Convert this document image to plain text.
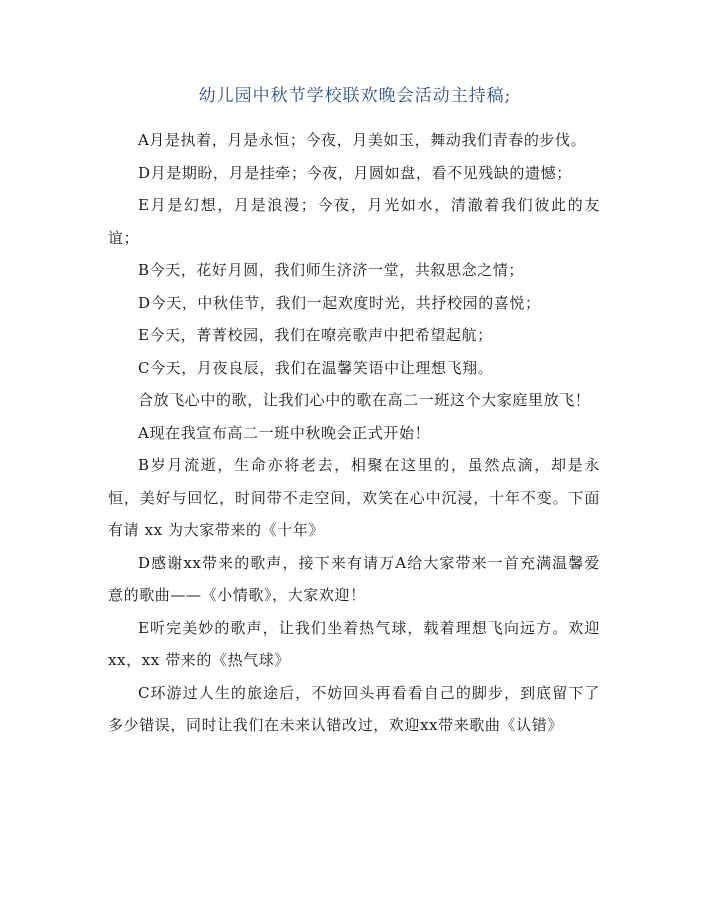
幼儿园中秋节学校联欢晚会活动主持稿;

A月是执着，月是永恒；今夜，月美如玉，舞动我们青春的步伐。

D月是期盼，月是挂牵；今夜，月圆如盘，看不见残缺的遗憾；

E月是幻想，月是浪漫；今夜，月光如水，清澈着我们彼此的友谊；

B今天，花好月圆，我们师生济济一堂，共叙思念之情；

D今天，中秋佳节，我们一起欢度时光，共抒校园的喜悦；

E今天，菁菁校园，我们在嘹亮歌声中把希望起航；

C今天，月夜良辰，我们在温馨笑语中让理想飞翔。

合放飞心中的歌，让我们心中的歌在高二一班这个大家庭里放飞！

A现在我宣布高二一班中秋晚会正式开始！

B岁月流逝，生命亦将老去，相聚在这里的，虽然点滴，却是永恒，美好与回忆，时间带不走空间，欢笑在心中沉浸，十年不变。下面有请 xx 为大家带来的《十年》

D感谢xx带来的歌声，接下来有请万A给大家带来一首充满温馨爱意的歌曲——《小情歌》，大家欢迎！

E听完美妙的歌声，让我们坐着热气球，载着理想飞向远方。欢迎 xx，xx 带来的《热气球》

C环游过人生的旅途后，不妨回头再看看自己的脚步，到底留下了多少错误，同时让我们在未来认错改过，欢迎xx带来歌曲《认错》
